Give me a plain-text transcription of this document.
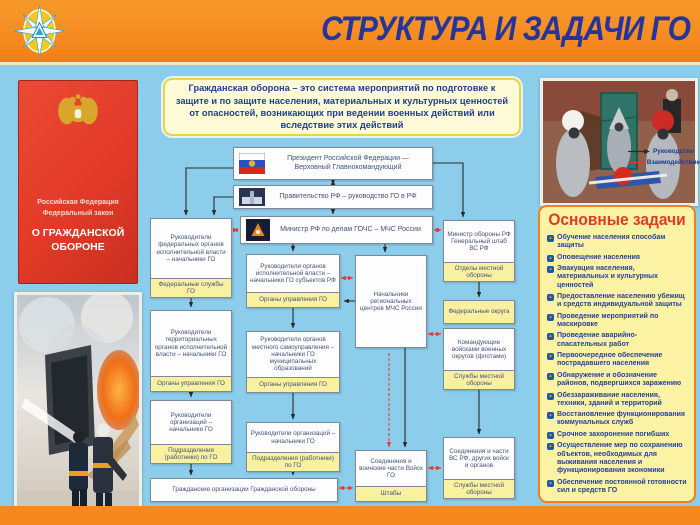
СТРУКТУРА И ЗАДАЧИ ГО
Гражданская оборона – это система мероприятий по подготовке к защите и по защите населения, материальных и культурных ценностей от опасностей, возникающих при ведении военных действий или вследствие этих действий
Российская Федерация
Федеральный закон
О ГРАЖДАНСКОЙ ОБОРОНЕ
Основные задачи
▲ Обучение населения способам защиты
▲ Оповещение населения
▲ Эвакуация населения, материальных и культурных ценностей
▲ Предоставление населению убежищ и средств индивидуальной защиты
▲ Проведение мероприятий по маскировке
▲ Проведение аварийно-спасательных работ
▲ Первоочередное обеспечение пострадавшего населения
▲ Обнаружение и обозначение районов, подвергшихся заражению
▲ Обеззараживание населения, техники, зданий и территорий
▲ Восстановление функционирования коммунальных служб
▲ Срочное захоронение погибших
▲ Осуществление мер по сохранению объектов, необходимых для выживания населения и функционирования экономики
▲ Обеспечение постоянной готовности сил и средств ГО
Руководство
Взаимодействие
Президент Российской Федерации — Верховный Главнокомандующий
Правительство РФ – руководство ГО в РФ
Министр РФ по делам ГОЧС – МЧС России
Руководители федеральных органов исполнительной власти – начальники ГО
Федеральные службы ГО
Руководители территориальных органов исполнительной власти – начальники ГО
Органы управления ГО
Руководители организаций – начальники ГО
Подразделения (работники) по ГО
Гражданские организации Гражданской обороны
Руководители органов исполнительной власти – начальники ГО субъектов РФ
Органы управления ГО
Руководители органов местного самоуправления – начальники ГО муниципальных образований
Органы управления ГО
Руководители организаций – начальники ГО
Подразделения (работники) по ГО
Начальники региональных центров МЧС России
Соединения и воинские части Войск ГО
Штабы
Министр обороны РФ Генеральный штаб ВС РФ
Отделы местной обороны
Федеральные округа
Командующие войсками военных округов (флотами)
Службы местной обороны
Соединения и части ВС РФ, других войск и органов
Службы местной обороны
